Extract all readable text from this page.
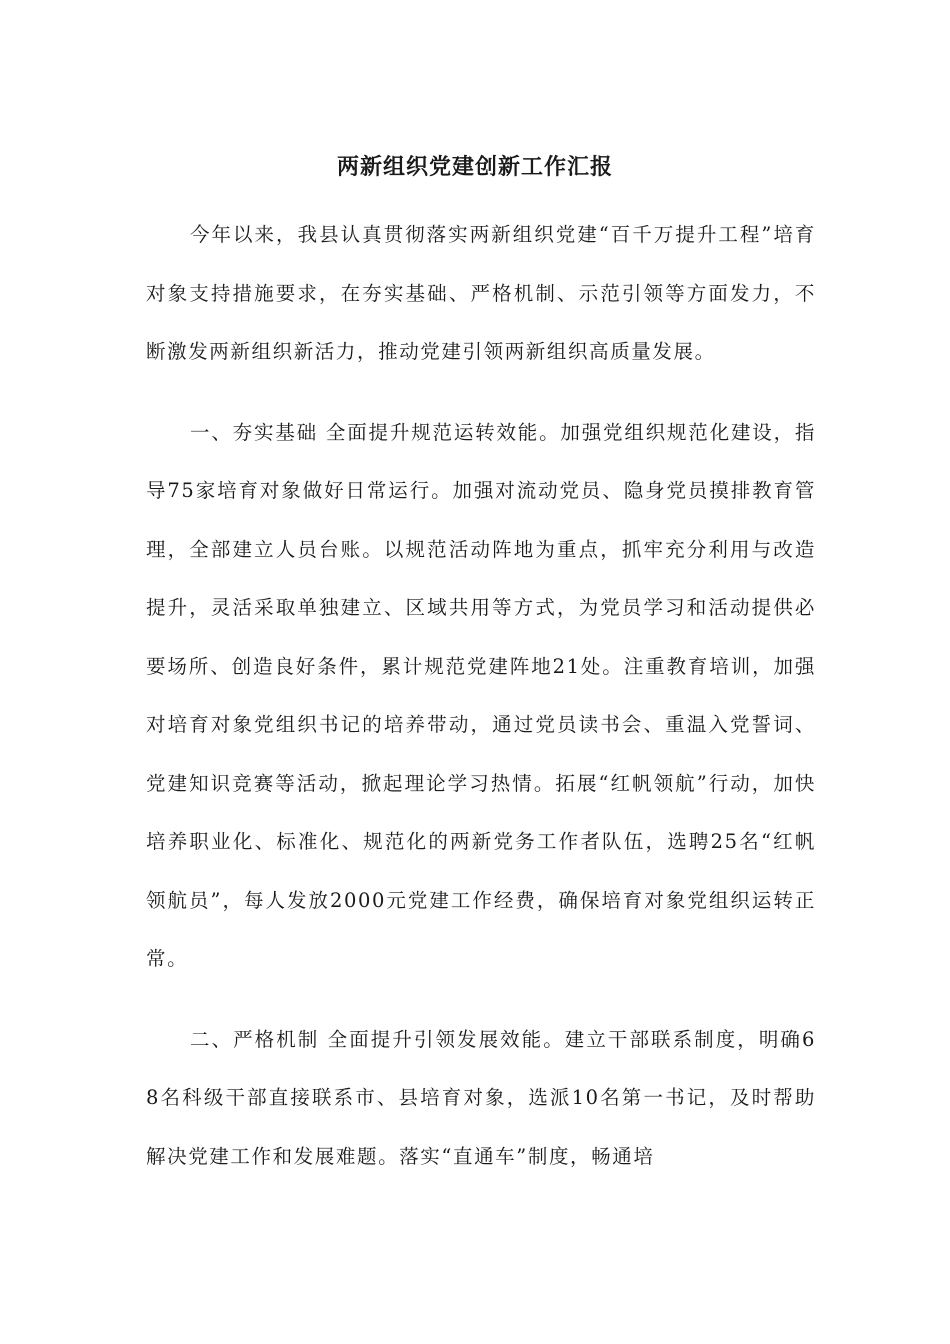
两新组织党建创新工作汇报

今年以来，我县认真贯彻落实两新组织党建“百千万提升工程”培育对象支持措施要求，在夯实基础、严格机制、示范引领等方面发力，不断激发两新组织新活力，推动党建引领两新组织高质量发展。

一、夯实基础 全面提升规范运转效能。加强党组织规范化建设，指导75家培育对象做好日常运行。加强对流动党员、隐身党员摸排教育管理，全部建立人员台账。以规范活动阵地为重点，抓牢充分利用与改造提升，灵活采取单独建立、区域共用等方式，为党员学习和活动提供必要场所、创造良好条件，累计规范党建阵地21处。注重教育培训，加强对培育对象党组织书记的培养带动，通过党员读书会、重温入党誓词、党建知识竞赛等活动，掀起理论学习热情。拓展“红帆领航”行动，加快培养职业化、标准化、规范化的两新党务工作者队伍，选聘25名“红帆领航员”，每人发放2000元党建工作经费，确保培育对象党组织运转正常。

二、严格机制 全面提升引领发展效能。建立干部联系制度，明确68名科级干部直接联系市、县培育对象，选派10名第一书记，及时帮助解决党建工作和发展难题。落实“直通车”制度，畅通培
